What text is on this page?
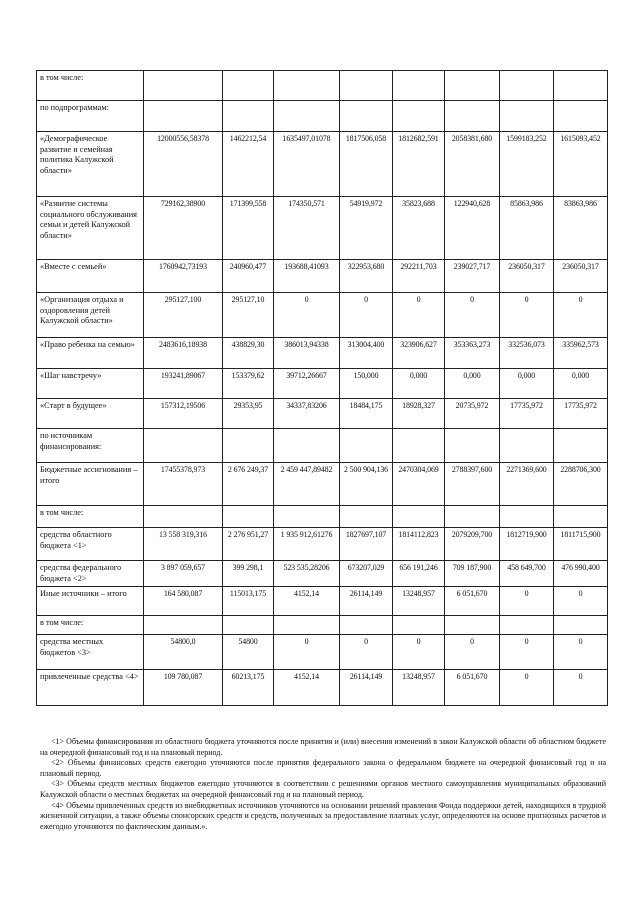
в том числе:								
по подпрограммам:								
«Демографическое развитие и семейная политика Калужской области»	12000556,58378	1462212,54	1635497,01078	1817506,058	1812682,591	2058381,680	1599183,252	1615093,452
«Развитие системы социального обслуживания семьи и детей Калужской области»	729162,38900	171399,558	174350,571	54919,972	35823,688	122940,628	85863,986	83863,986
«Вместе с семьей»	1760942,73193	240960,477	193688,41093	322953,680	292211,703	239027,717	236050,317	236050,317
«Организация отдыха и оздоровления детей Калужской области»	295127,100	295127,10	0	0	0	0	0	0
«Право ребенка на семью»	2483616,18938	438829,30	386013,94338	313004,400	323906,627	353363,273	332536,073	335962,573
«Шаг навстречу»	193241,89067	153379,62	39712,26667	150,000	0,000	0,000	0,000	0,000
«Старт в будущее»	157312,19506	29353,95	34337,83206	18484,175	18928,327	20735,972	17735,972	17735,972
по источникам финансирования:								
Бюджетные ассигнования – итого	17455378,973	2 676 249,37	2 459 447,89482	2 500 904,136	2470304,069	2788397,600	2271369,600	2288706,300
в том числе:								
средства областного бюджета <1>	13 558 319,316	2 276 951,27	1 935 912,61276	1827697,107	1814112,823	2079209,700	1812719,900	1811715,900
средства федерального бюджета <2>	3 897 059,657	399 298,1	523 535,28206	673207,029	656 191,246	709 187,900	458 649,700	476 990,400
Иные источники – итого	164 580,087	115013,175	4152,14	26114,149	13248,957	6 051,670	0	0
в том числе:								
средства местных бюджетов <3>	54800,0	54800	0	0	0	0	0	0
привлеченные средства <4>	109 780,087	60213,175	4152,14	26114,149	13248,957	6 051,670	0	0

<1> Объемы финансирования из областного бюджета уточняются после принятия и (или) внесения изменений в закон Калужской области об областном бюджете на очередной финансовый год и на плановый период.

<2> Объемы финансовых средств ежегодно уточняются после принятия федерального закона о федеральном бюджете на очередной финансовый год и на плановый период.

<3> Объемы средств местных бюджетов ежегодно уточняются в соответствии с решениями органов местного самоуправления муниципальных образований Калужской области о местных бюджетах на очередной финансовый год и на плановый период.

<4> Объемы привлеченных средств из внебюджетных источников уточняются на основании решений правления Фонда поддержки детей, находящихся в трудной жизненной ситуации, а также объемы спонсорских средств и средств, полученных за предоставление платных услуг, определяются на основе прогнозных расчетов и ежегодно уточняются по фактическим данным.».
